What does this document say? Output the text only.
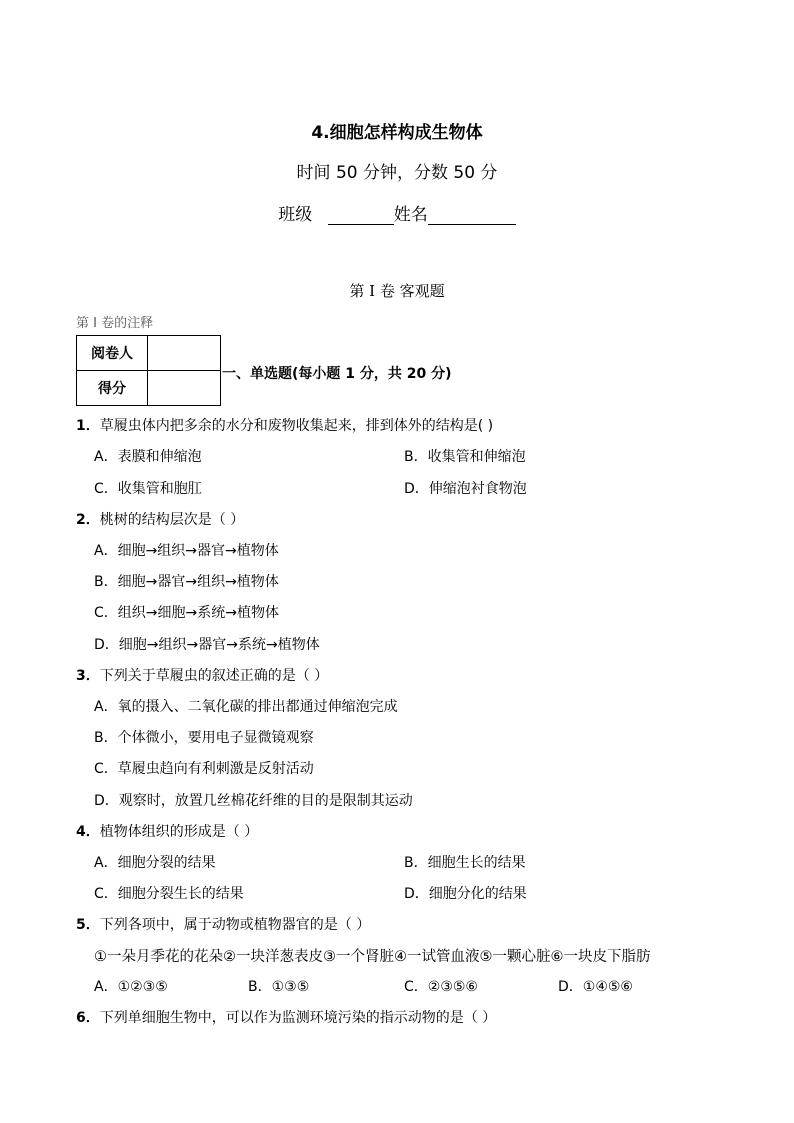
4.细胞怎样构成生物体
时间 50 分钟，分数 50 分
班级	姓名
第 I 卷 客观题
第 I 卷的注释
阅卷人	
得分	
一、单选题(每小题 1 分，共 20 分)
1．草履虫体内把多余的水分和废物收集起来，排到体外的结构是( )
A．表膜和伸缩泡	B．收集管和伸缩泡
C．收集管和胞肛	D．伸缩泡衬食物泡
2．桃树的结构层次是（ ）
A．细胞→组织→器官→植物体
B．细胞→器官→组织→植物体
C．组织→细胞→系统→植物体
D．细胞→组织→器官→系统→植物体
3．下列关于草履虫的叙述正确的是（ ）
A．氧的摄入、二氧化碳的排出都通过伸缩泡完成
B．个体微小，要用电子显微镜观察
C．草履虫趋向有利刺激是反射活动
D．观察时，放置几丝棉花纤维的目的是限制其运动
4．植物体组织的形成是（ ）
A．细胞分裂的结果	B．细胞生长的结果
C．细胞分裂生长的结果	D．细胞分化的结果
5．下列各项中，属于动物或植物器官的是（ ）
①一朵月季花的花朵②一块洋葱表皮③一个肾脏④一试管血液⑤一颗心脏⑥一块皮下脂肪
A．①②③⑤	B．①③⑤	C．②③⑤⑥	D．①④⑤⑥
6．下列单细胞生物中，可以作为监测环境污染的指示动物的是（ ）
